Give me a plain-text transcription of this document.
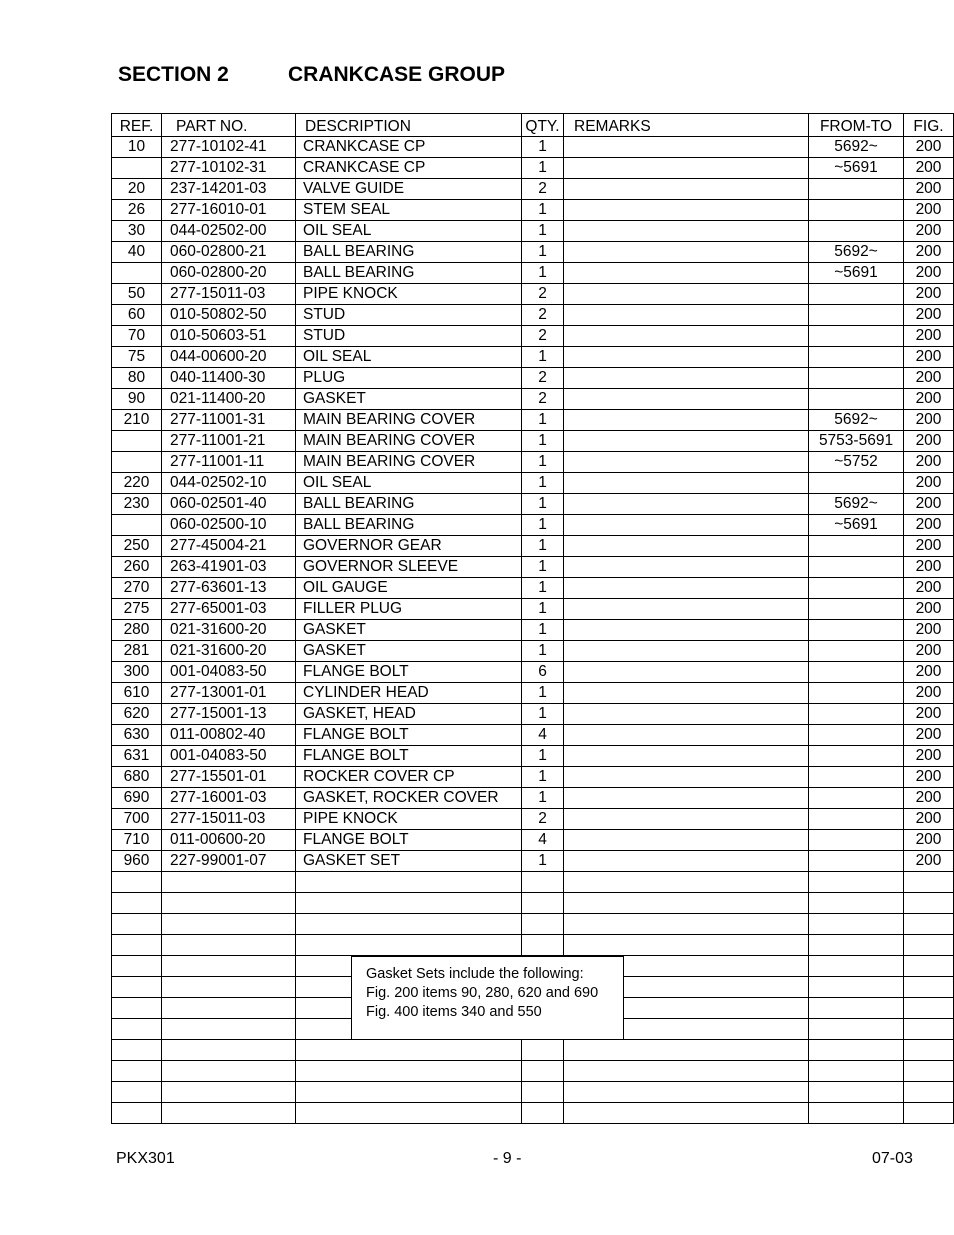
SECTION 2	CRANKCASE GROUP
REF.	PART NO.	DESCRIPTION	QTY.	REMARKS	FROM-TO	FIG.
10	277-10102-41	CRANKCASE CP	1		5692~	200
	277-10102-31	CRANKCASE CP	1		~5691	200
20	237-14201-03	VALVE GUIDE	2			200
26	277-16010-01	STEM SEAL	1			200
30	044-02502-00	OIL SEAL	1			200
40	060-02800-21	BALL BEARING	1		5692~	200
	060-02800-20	BALL BEARING	1		~5691	200
50	277-15011-03	PIPE KNOCK	2			200
60	010-50802-50	STUD	2			200
70	010-50603-51	STUD	2			200
75	044-00600-20	OIL SEAL	1			200
80	040-11400-30	PLUG	2			200
90	021-11400-20	GASKET	2			200
210	277-11001-31	MAIN BEARING COVER	1		5692~	200
	277-11001-21	MAIN BEARING COVER	1		5753-5691	200
	277-11001-11	MAIN BEARING COVER	1		~5752	200
220	044-02502-10	OIL SEAL	1			200
230	060-02501-40	BALL BEARING	1		5692~	200
	060-02500-10	BALL BEARING	1		~5691	200
250	277-45004-21	GOVERNOR GEAR	1			200
260	263-41901-03	GOVERNOR SLEEVE	1			200
270	277-63601-13	OIL GAUGE	1			200
275	277-65001-03	FILLER PLUG	1			200
280	021-31600-20	GASKET	1			200
281	021-31600-20	GASKET	1			200
300	001-04083-50	FLANGE BOLT	6			200
610	277-13001-01	CYLINDER HEAD	1			200
620	277-15001-13	GASKET, HEAD	1			200
630	011-00802-40	FLANGE BOLT	4			200
631	001-04083-50	FLANGE BOLT	1			200
680	277-15501-01	ROCKER COVER CP	1			200
690	277-16001-03	GASKET, ROCKER COVER	1			200
700	277-15011-03	PIPE KNOCK	2			200
710	011-00600-20	FLANGE BOLT	4			200
960	227-99001-07	GASKET SET	1			200

Gasket Sets include the following:
Fig. 200 items 90, 280, 620 and 690
Fig. 400 items 340 and 550
PKX301	- 9 -	07-03
